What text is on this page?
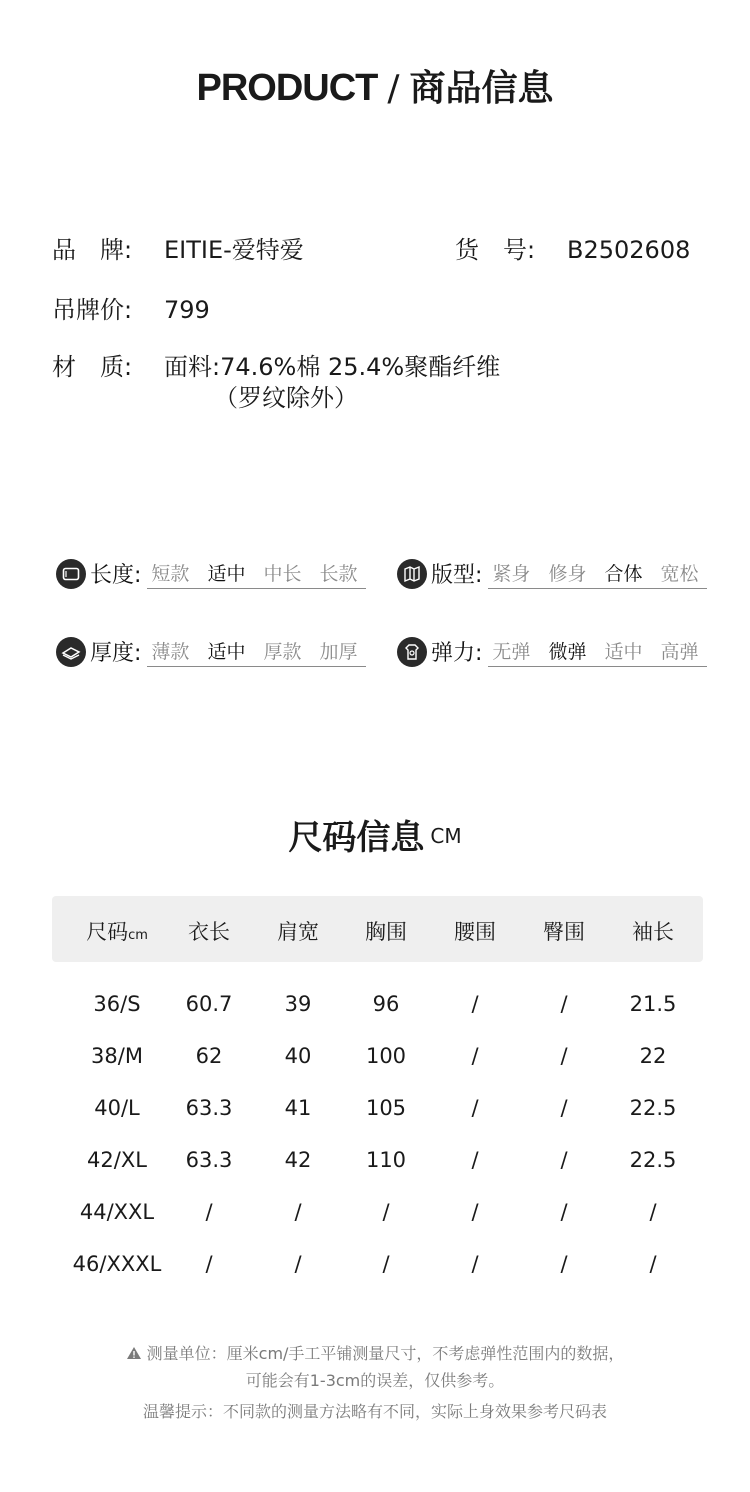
PRODUCT / 商品信息
品　牌: EITIE-爱特爱	货　号: B2502608
吊牌价: 799
材　质: 面料:74.6%棉 25.4%聚酯纤维
（罗纹除外）
长度: 短款 适中 中长 长款	版型: 紧身 修身 合体 宽松
厚度: 薄款 适中 厚款 加厚	弹力: 无弹 微弹 适中 高弹
尺码信息 CM
尺码cm	衣长	肩宽	胸围	腰围	臀围	袖长
36/S	60.7	39	96	/	/	21.5
38/M	62	40	100	/	/	22
40/L	63.3	41	105	/	/	22.5
42/XL	63.3	42	110	/	/	22.5
44/XXL	/	/	/	/	/	/
46/XXXL	/	/	/	/	/	/
测量单位：厘米cm/手工平铺测量尺寸，不考虑弹性范围内的数据，
可能会有1-3cm的误差，仅供参考。
温馨提示：不同款的测量方法略有不同，实际上身效果参考尺码表
